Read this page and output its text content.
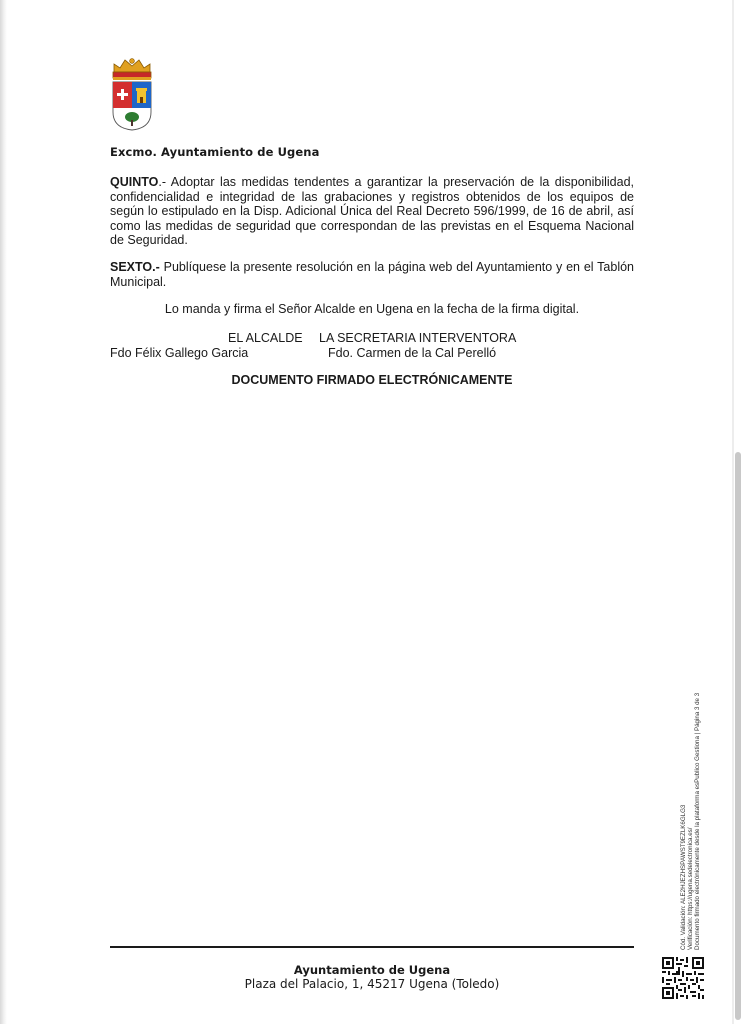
Excmo. Ayuntamiento de Ugena

QUINTO.- Adoptar las medidas tendentes a garantizar la preservación de la disponibilidad, confidencialidad e integridad de las grabaciones y registros obtenidos de los equipos de según lo estipulado en la Disp. Adicional Única del Real Decreto 596/1999, de 16 de abril, así como las medidas de seguridad que correspondan de las previstas en el Esquema Nacional de Seguridad.

SEXTO.- Publíquese la presente resolución en la página web del Ayuntamiento y en el Tablón Municipal.

Lo manda y firma el Señor Alcalde en Ugena en la fecha de la firma digital.
EL ALCALDE LA SECRETARIA INTERVENTORA
Fdo Félix Gallego Garcia	Fdo. Carmen de la Cal Perelló
DOCUMENTO FIRMADO ELECTRÓNICAMENTE
Ayuntamiento de Ugena
Plaza del Palacio, 1, 45217 Ugena (Toledo)
Cód. Validación: ALE2HJEZHSPAWST9EZLK6GLG3 Verificación: https://ugena.sedelectronica.es/ Documento firmado electrónicamente desde la plataforma esPublico Gestiona | Página 3 de 3
